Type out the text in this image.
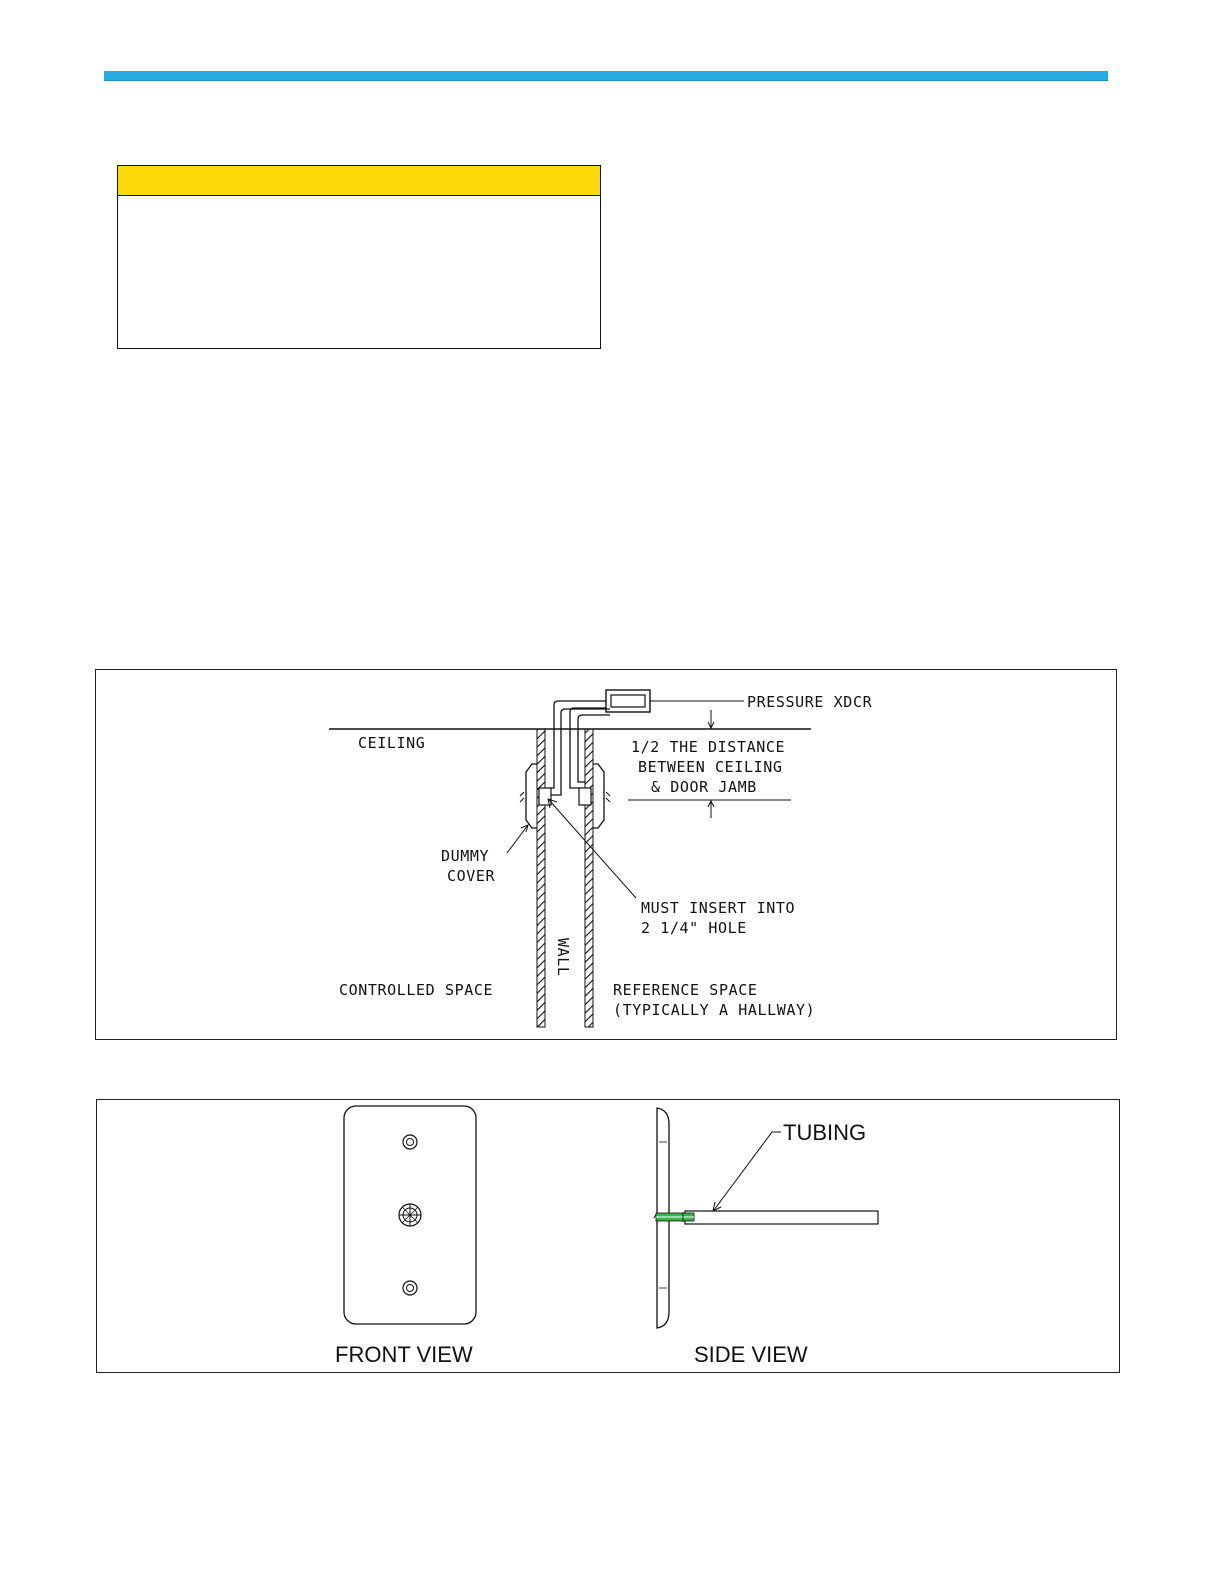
PRESSURE XDCR
CEILING	1/2 THE DISTANCE
BETWEEN CEILING
& DOOR JAMB
DUMMY
COVER
MUST INSERT INTO
2 1/4" HOLE
WALL
CONTROLLED SPACE	REFERENCE SPACE
(TYPICALLY A HALLWAY)
TUBING
FRONT VIEW	SIDE VIEW
